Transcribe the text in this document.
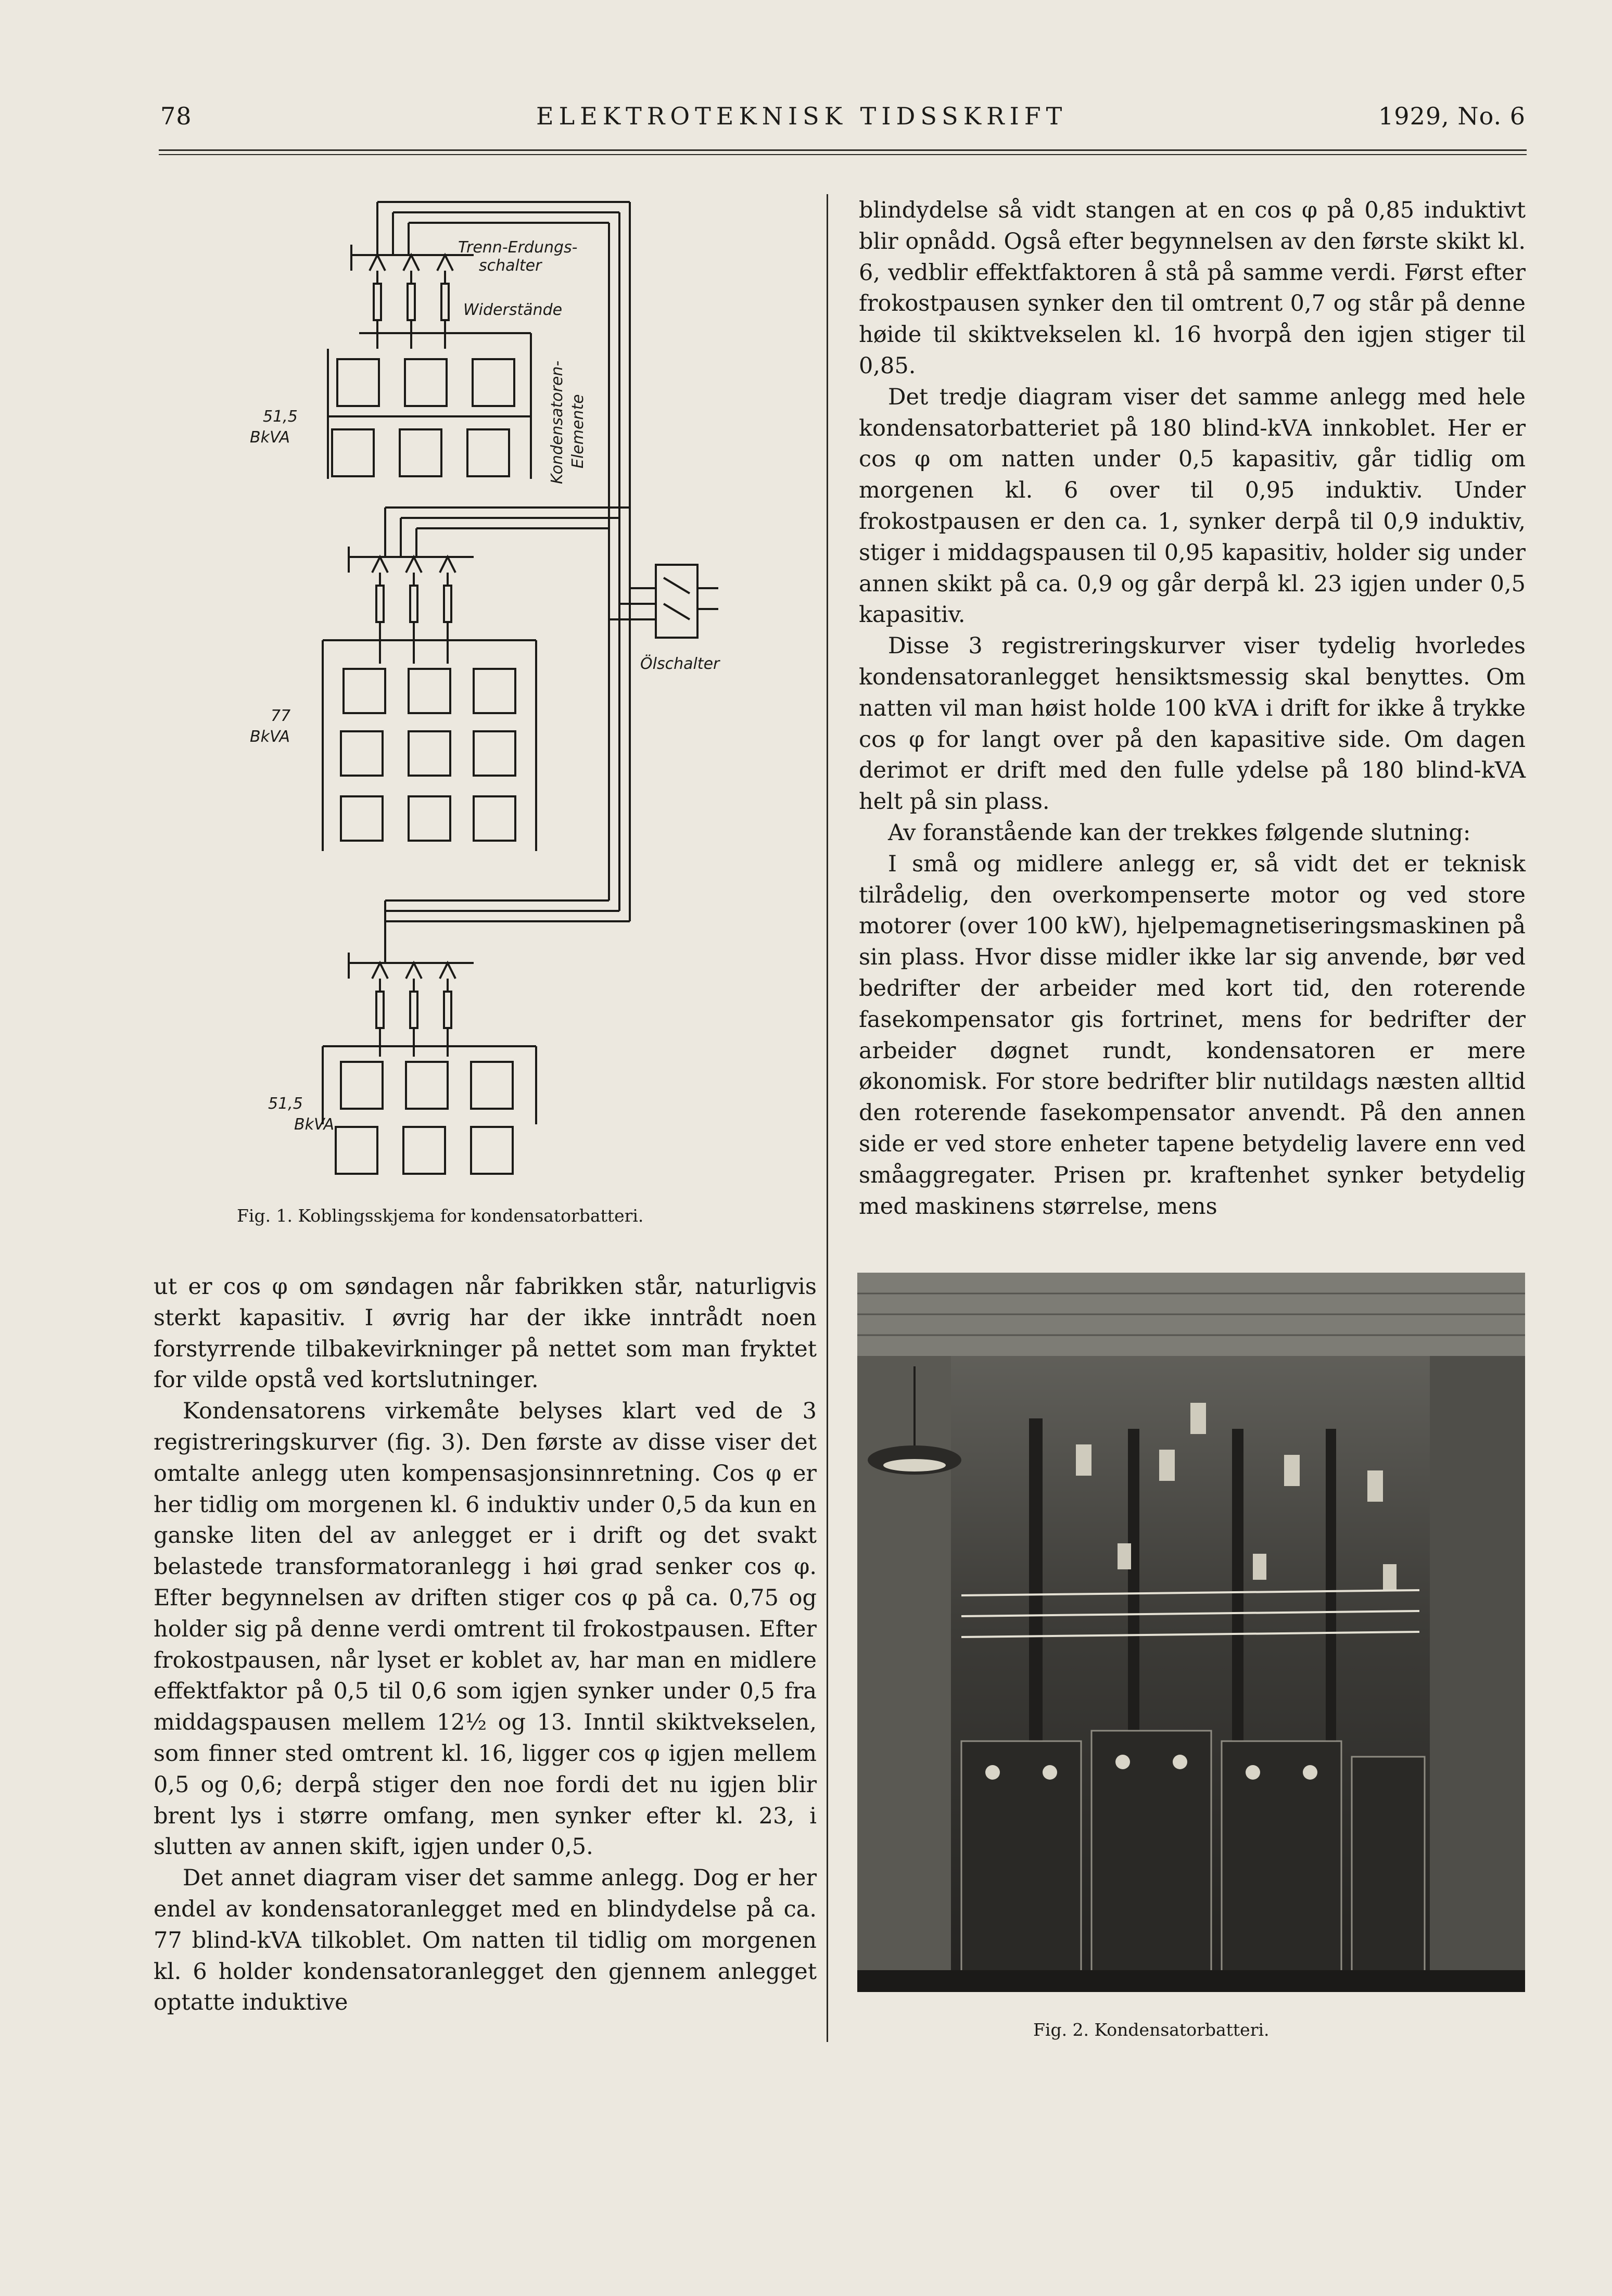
78	ELEKTROTEKNISK TIDSSKRIFT	1929, No. 6
Trenn-Erdungs-
schalter
Widerstände
Kondensatoren- Elemente
Ölschalter
51,5
BkVA
77
BkVA
51,5
BkVA
Fig. 1. Koblingsskjema for kondensatorbatteri.

ut er cos φ om søndagen når fabrikken står, naturligvis sterkt kapasitiv. I øvrig har der ikke inntrådt noen forstyrrende tilbakevirkninger på nettet som man fryktet for vilde opstå ved kortslutninger.

Kondensatorens virkemåte belyses klart ved de 3 registreringskurver (fig. 3). Den første av disse viser det omtalte anlegg uten kompensasjonsinnretning. Cos φ er her tidlig om morgenen kl. 6 induktiv under 0,5 da kun en ganske liten del av anlegget er i drift og det svakt belastede transformatoranlegg i høi grad senker cos φ. Efter begynnelsen av driften stiger cos φ på ca. 0,75 og holder sig på denne verdi omtrent til frokostpausen. Efter frokostpausen, når lyset er koblet av, har man en midlere effektfaktor på 0,5 til 0,6 som igjen synker under 0,5 fra middagspausen mellem 12½ og 13. Inntil skiktvekselen, som finner sted omtrent kl. 16, ligger cos φ igjen mellem 0,5 og 0,6; derpå stiger den noe fordi det nu igjen blir brent lys i større omfang, men synker efter kl. 23, i slutten av annen skift, igjen under 0,5.

Det annet diagram viser det samme anlegg. Dog er her endel av kondensatoranlegget med en blindydelse på ca. 77 blind-kVA tilkoblet. Om natten til tidlig om morgenen kl. 6 holder kondensatoranlegget den gjennem anlegget optatte induktive

blindydelse så vidt stangen at en cos φ på 0,85 induktivt blir opnådd. Også efter begynnelsen av den første skikt kl. 6, vedblir effektfaktoren å stå på samme verdi. Først efter frokostpausen synker den til omtrent 0,7 og står på denne høide til skiktvekselen kl. 16 hvorpå den igjen stiger til 0,85.

Det tredje diagram viser det samme anlegg med hele kondensatorbatteriet på 180 blind-kVA innkoblet. Her er cos φ om natten under 0,5 kapasitiv, går tidlig om morgenen kl. 6 over til 0,95 induktiv. Under frokostpausen er den ca. 1, synker derpå til 0,9 induktiv, stiger i middagspausen til 0,95 kapasitiv, holder sig under annen skikt på ca. 0,9 og går derpå kl. 23 igjen under 0,5 kapasitiv.

Disse 3 registreringskurver viser tydelig hvorledes kondensatoranlegget hensiktsmessig skal benyttes. Om natten vil man høist holde 100 kVA i drift for ikke å trykke cos φ for langt over på den kapasitive side. Om dagen derimot er drift med den fulle ydelse på 180 blind-kVA helt på sin plass.

Av foranstående kan der trekkes følgende slutning:

I små og midlere anlegg er, så vidt det er teknisk tilrådelig, den overkompenserte motor og ved store motorer (over 100 kW), hjelpemagnetiseringsmaskinen på sin plass. Hvor disse midler ikke lar sig anvende, bør ved bedrifter der arbeider med kort tid, den roterende fasekompensator gis fortrinet, mens for bedrifter der arbeider døgnet rundt, kondensatoren er mere økonomisk. For store bedrifter blir nutildags næsten alltid den roterende fasekompensator anvendt. På den annen side er ved store enheter tapene betydelig lavere enn ved småaggregater. Prisen pr. kraftenhet synker betydelig med maskinens størrelse, mens

Fig. 2. Kondensatorbatteri.
